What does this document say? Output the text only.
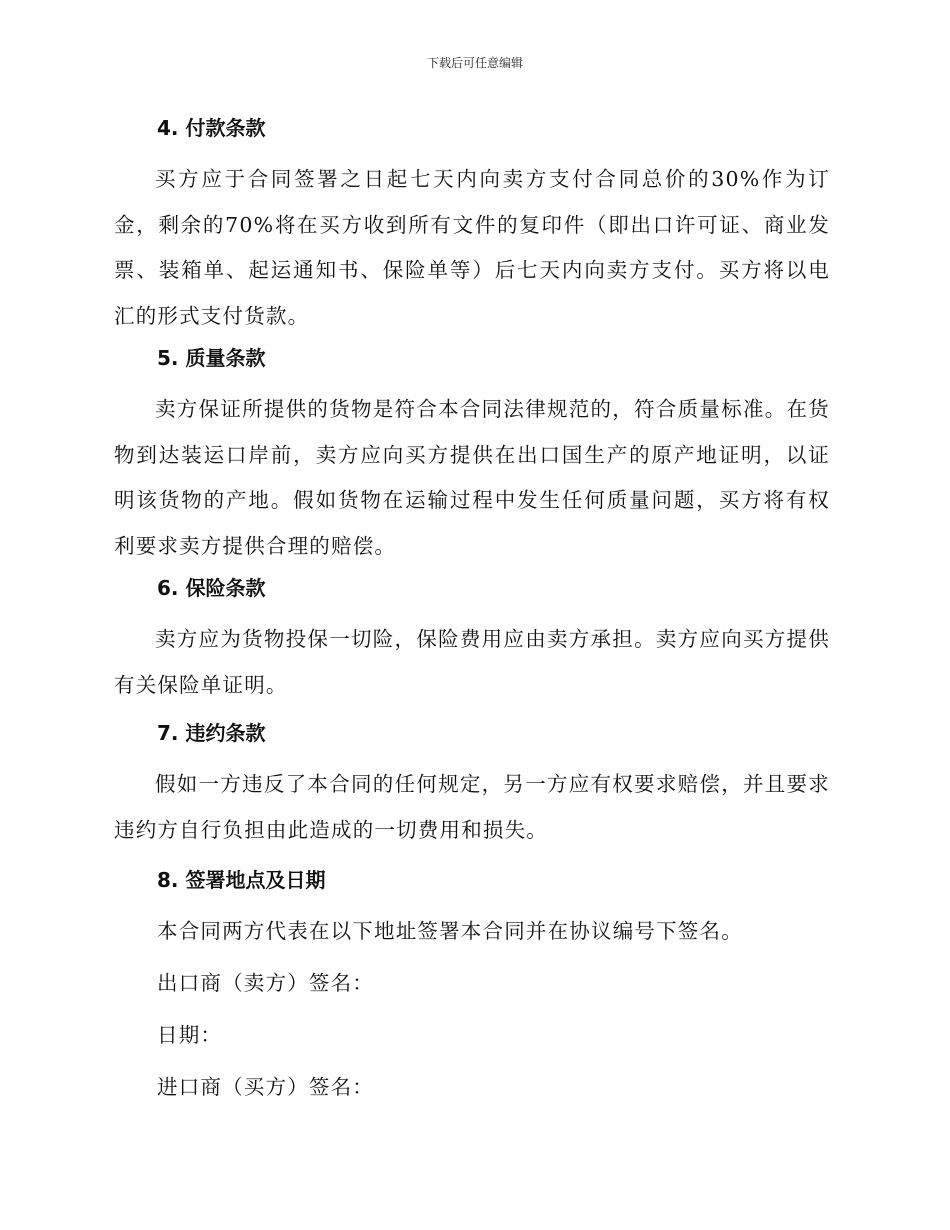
下载后可任意编辑
4. 付款条款
买方应于合同签署之日起七天内向卖方支付合同总价的30%作为订金，剩余的70%将在买方收到所有文件的复印件（即出口许可证、商业发票、装箱单、起运通知书、保险单等）后七天内向卖方支付。买方将以电汇的形式支付货款。
5. 质量条款
卖方保证所提供的货物是符合本合同法律规范的，符合质量标准。在货物到达装运口岸前，卖方应向买方提供在出口国生产的原产地证明，以证明该货物的产地。假如货物在运输过程中发生任何质量问题，买方将有权利要求卖方提供合理的赔偿。
6. 保险条款
卖方应为货物投保一切险，保险费用应由卖方承担。卖方应向买方提供有关保险单证明。
7. 违约条款
假如一方违反了本合同的任何规定，另一方应有权要求赔偿，并且要求违约方自行负担由此造成的一切费用和损失。
8. 签署地点及日期
本合同两方代表在以下地址签署本合同并在协议编号下签名。
出口商（卖方）签名：
日期：
进口商（买方）签名：
